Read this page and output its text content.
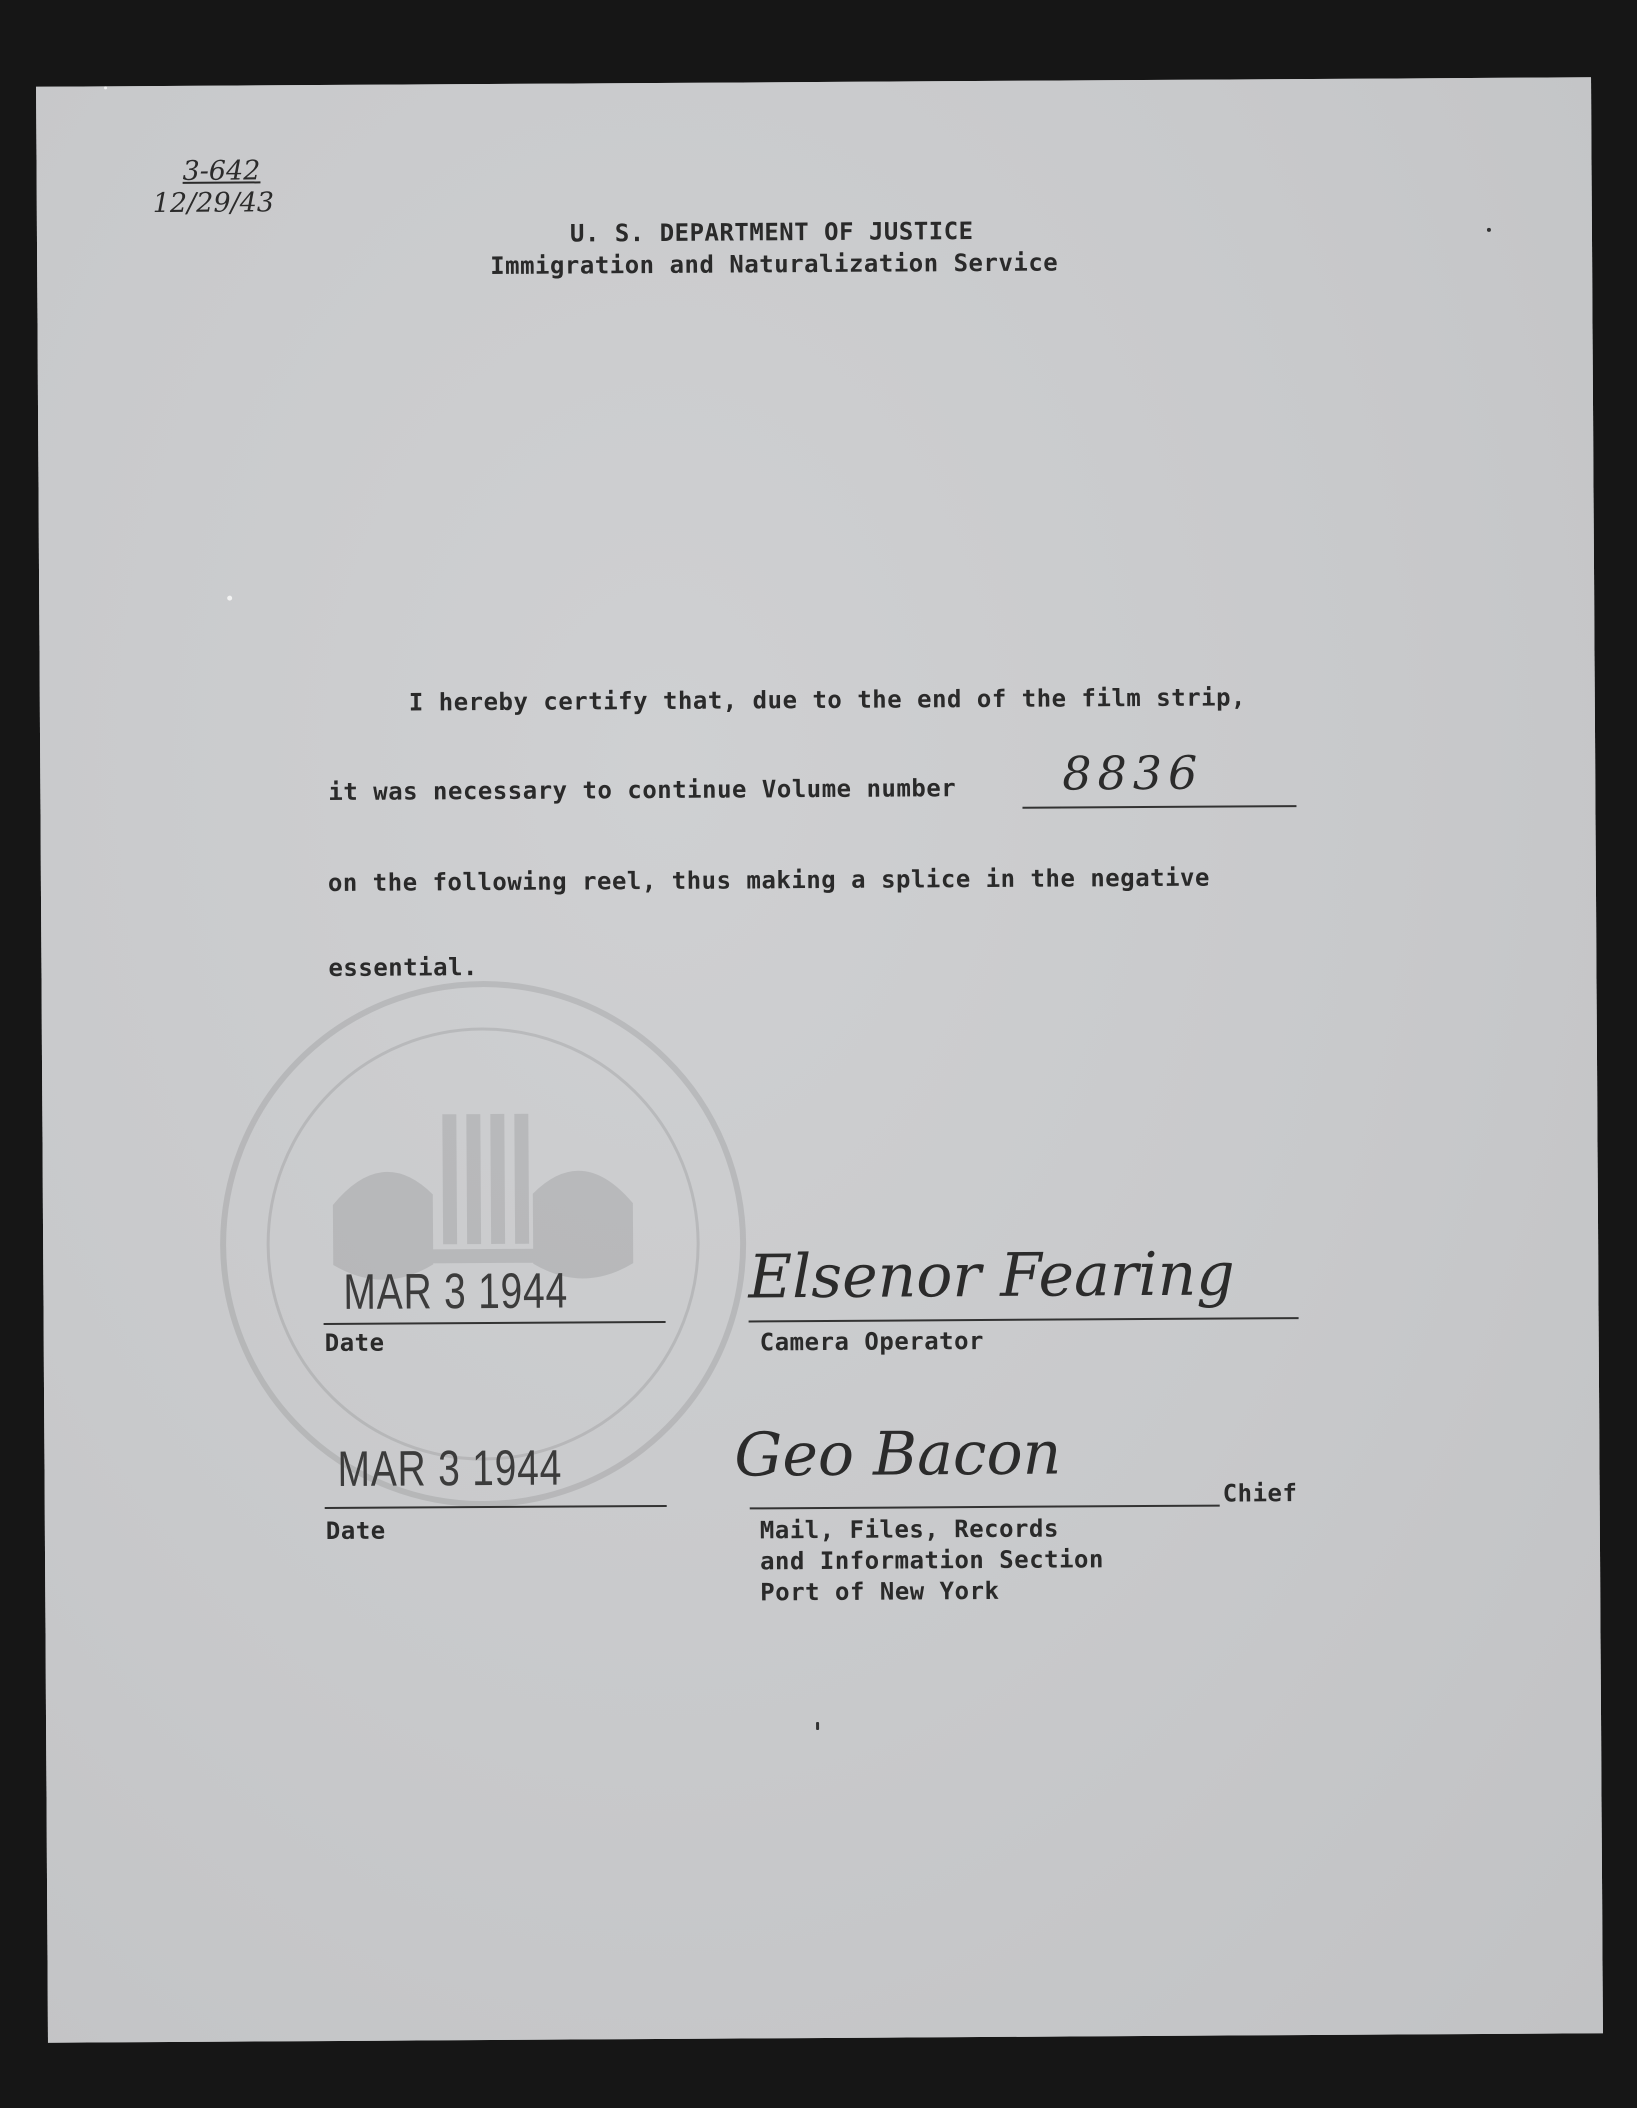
3-642
12/29/43
U. S. DEPARTMENT OF JUSTICE
Immigration and Naturalization Service
I hereby certify that, due to the end of the film strip,
it was necessary to continue Volume number 8836
on the following reel, thus making a splice in the negative
essential.
MAR 3 1944
Date
Elsenor Fearing
Camera Operator
MAR 3 1944
Date
Geo Bacon
Chief
Mail, Files, Records
and Information Section
Port of New York
